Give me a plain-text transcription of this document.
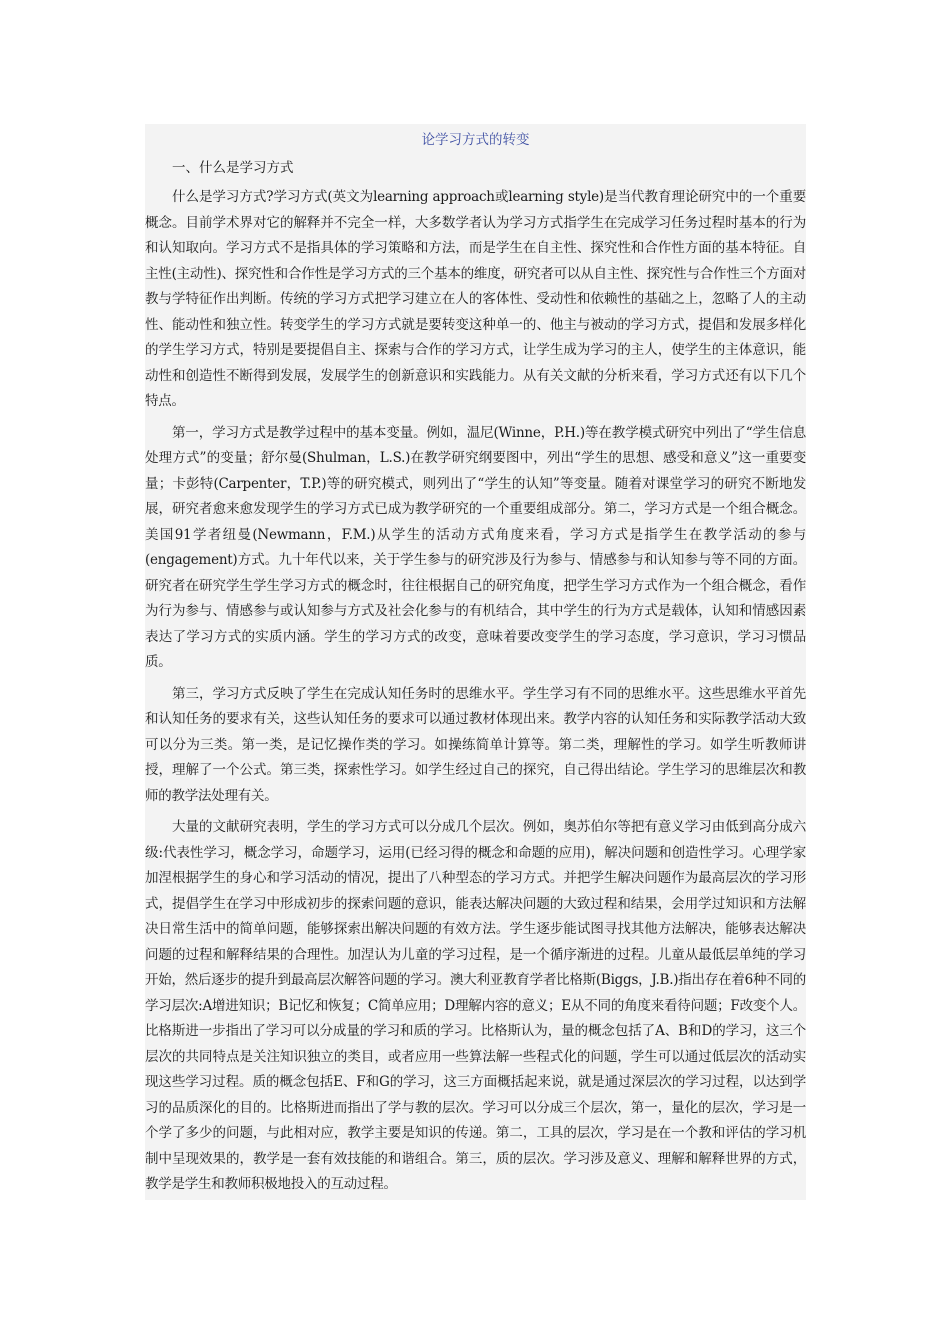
论学习方式的转变
一、什么是学习方式

什么是学习方式?学习方式(英文为learning approach或learning style)是当代教育理论研究中的一个重要概念。目前学术界对它的解释并不完全一样，大多数学者认为学习方式指学生在完成学习任务过程时基本的行为和认知取向。学习方式不是指具体的学习策略和方法，而是学生在自主性、探究性和合作性方面的基本特征。自主性(主动性)、探究性和合作性是学习方式的三个基本的维度，研究者可以从自主性、探究性与合作性三个方面对教与学特征作出判断。传统的学习方式把学习建立在人的客体性、受动性和依赖性的基础之上，忽略了人的主动性、能动性和独立性。转变学生的学习方式就是要转变这种单一的、他主与被动的学习方式，提倡和发展多样化的学生学习方式，特别是要提倡自主、探索与合作的学习方式，让学生成为学习的主人，使学生的主体意识，能动性和创造性不断得到发展，发展学生的创新意识和实践能力。从有关文献的分析来看，学习方式还有以下几个特点。

第一，学习方式是教学过程中的基本变量。例如，温尼(Winne，P.H.)等在教学模式研究中列出了“学生信息处理方式”的变量；舒尔曼(Shulman，L.S.)在教学研究纲要图中，列出“学生的思想、感受和意义”这一重要变量；卡彭特(Carpenter，T.P.)等的研究模式，则列出了“学生的认知”等变量。随着对课堂学习的研究不断地发展，研究者愈来愈发现学生的学习方式已成为教学研究的一个重要组成部分。第二，学习方式是一个组合概念。美国91学者纽曼(Newmann，F.M.)从学生的活动方式角度来看，学习方式是指学生在教学活动的参与(engagement)方式。九十年代以来，关于学生参与的研究涉及行为参与、情感参与和认知参与等不同的方面。研究者在研究学生学生学习方式的概念时，往往根据自己的研究角度，把学生学习方式作为一个组合概念，看作为行为参与、情感参与或认知参与方式及社会化参与的有机结合，其中学生的行为方式是载体，认知和情感因素表达了学习方式的实质内涵。学生的学习方式的改变，意味着要改变学生的学习态度，学习意识，学习习惯品质。

第三，学习方式反映了学生在完成认知任务时的思维水平。学生学习有不同的思维水平。这些思维水平首先和认知任务的要求有关，这些认知任务的要求可以通过教材体现出来。教学内容的认知任务和实际教学活动大致可以分为三类。第一类，是记忆操作类的学习。如操练简单计算等。第二类，理解性的学习。如学生听教师讲授，理解了一个公式。第三类，探索性学习。如学生经过自己的探究，自己得出结论。学生学习的思维层次和教师的教学法处理有关。

大量的文献研究表明，学生的学习方式可以分成几个层次。例如，奥苏伯尔等把有意义学习由低到高分成六级:代表性学习，概念学习，命题学习，运用(已经习得的概念和命题的应用)，解决问题和创造性学习。心理学家加涅根据学生的身心和学习活动的情况，提出了八种型态的学习方式。并把学生解决问题作为最高层次的学习形式，提倡学生在学习中形成初步的探索问题的意识，能表达解决问题的大致过程和结果，会用学过知识和方法解决日常生活中的简单问题，能够探索出解决问题的有效方法。学生逐步能试图寻找其他方法解决，能够表达解决问题的过程和解释结果的合理性。加涅认为儿童的学习过程，是一个循序渐进的过程。儿童从最低层单纯的学习开始，然后逐步的提升到最高层次解答问题的学习。澳大利亚教育学者比格斯(Biggs，J.B.)指出存在着6种不同的学习层次:A增进知识；B记忆和恢复；C简单应用；D理解内容的意义；E从不同的角度来看待问题；F改变个人。比格斯进一步指出了学习可以分成量的学习和质的学习。比格斯认为，量的概念包括了A、B和D的学习，这三个层次的共同特点是关注知识独立的类目，或者应用一些算法解一些程式化的问题，学生可以通过低层次的活动实现这些学习过程。质的概念包括E、F和G的学习，这三方面概括起来说，就是通过深层次的学习过程，以达到学习的品质深化的目的。比格斯进而指出了学与教的层次。学习可以分成三个层次，第一，量化的层次，学习是一个学了多少的问题，与此相对应，教学主要是知识的传递。第二，工具的层次，学习是在一个教和评估的学习机制中呈现效果的，教学是一套有效技能的和谐组合。第三，质的层次。学习涉及意义、理解和解释世界的方式，教学是学生和教师积极地投入的互动过程。
